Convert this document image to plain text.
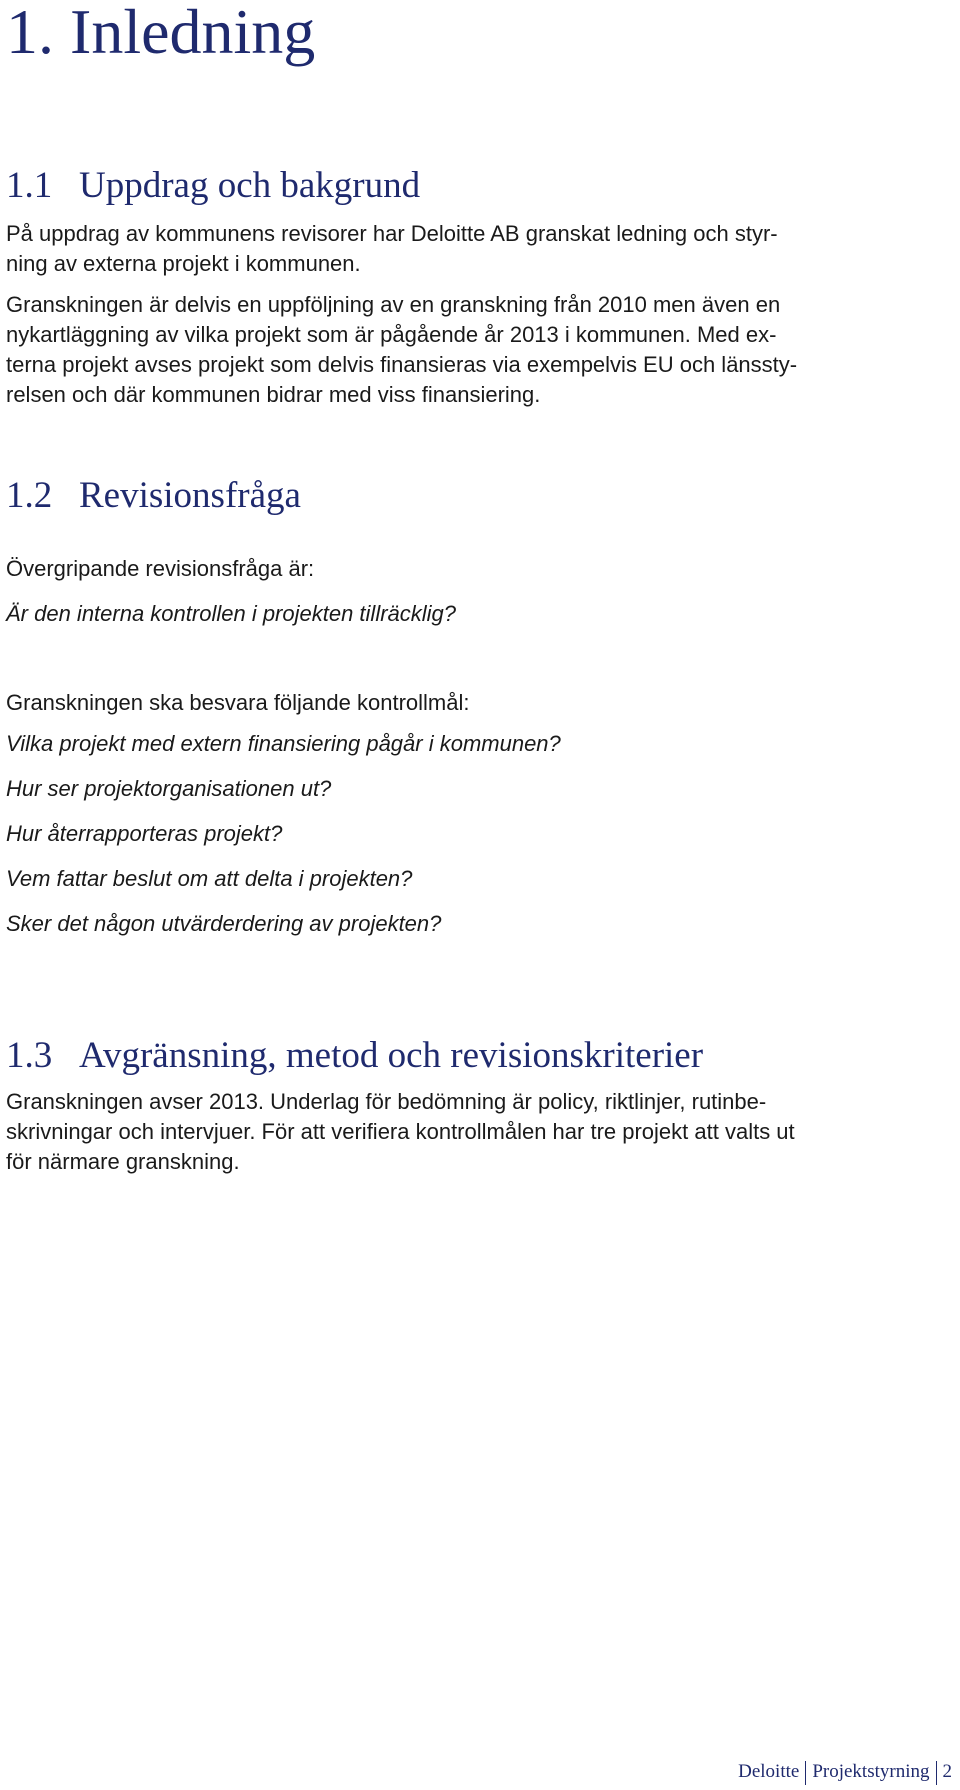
1. Inledning
1.1 Uppdrag och bakgrund

På uppdrag av kommunens revisorer har Deloitte AB granskat ledning och styr-
ning av externa projekt i kommunen.

Granskningen är delvis en uppföljning av en granskning från 2010 men även en
nykartläggning av vilka projekt som är pågående år 2013 i kommunen. Med ex-
terna projekt avses projekt som delvis finansieras via exempelvis EU och länssty-
relsen och där kommunen bidrar med viss finansiering.

1.2 Revisionsfråga

Övergripande revisionsfråga är:

Är den interna kontrollen i projekten tillräcklig?

Granskningen ska besvara följande kontrollmål:

Vilka projekt med extern finansiering pågår i kommunen?
Hur ser projektorganisationen ut?
Hur återrapporteras projekt?
Vem fattar beslut om att delta i projekten?
Sker det någon utvärderdering av projekten?
1.3 Avgränsning, metod och revisionskriterier

Granskningen avser 2013. Underlag för bedömning är policy, riktlinjer, rutinbe-
skrivningar och intervjuer. För att verifiera kontrollmålen har tre projekt att valts ut
för närmare granskning.

Deloitte Projektstyrning 2
